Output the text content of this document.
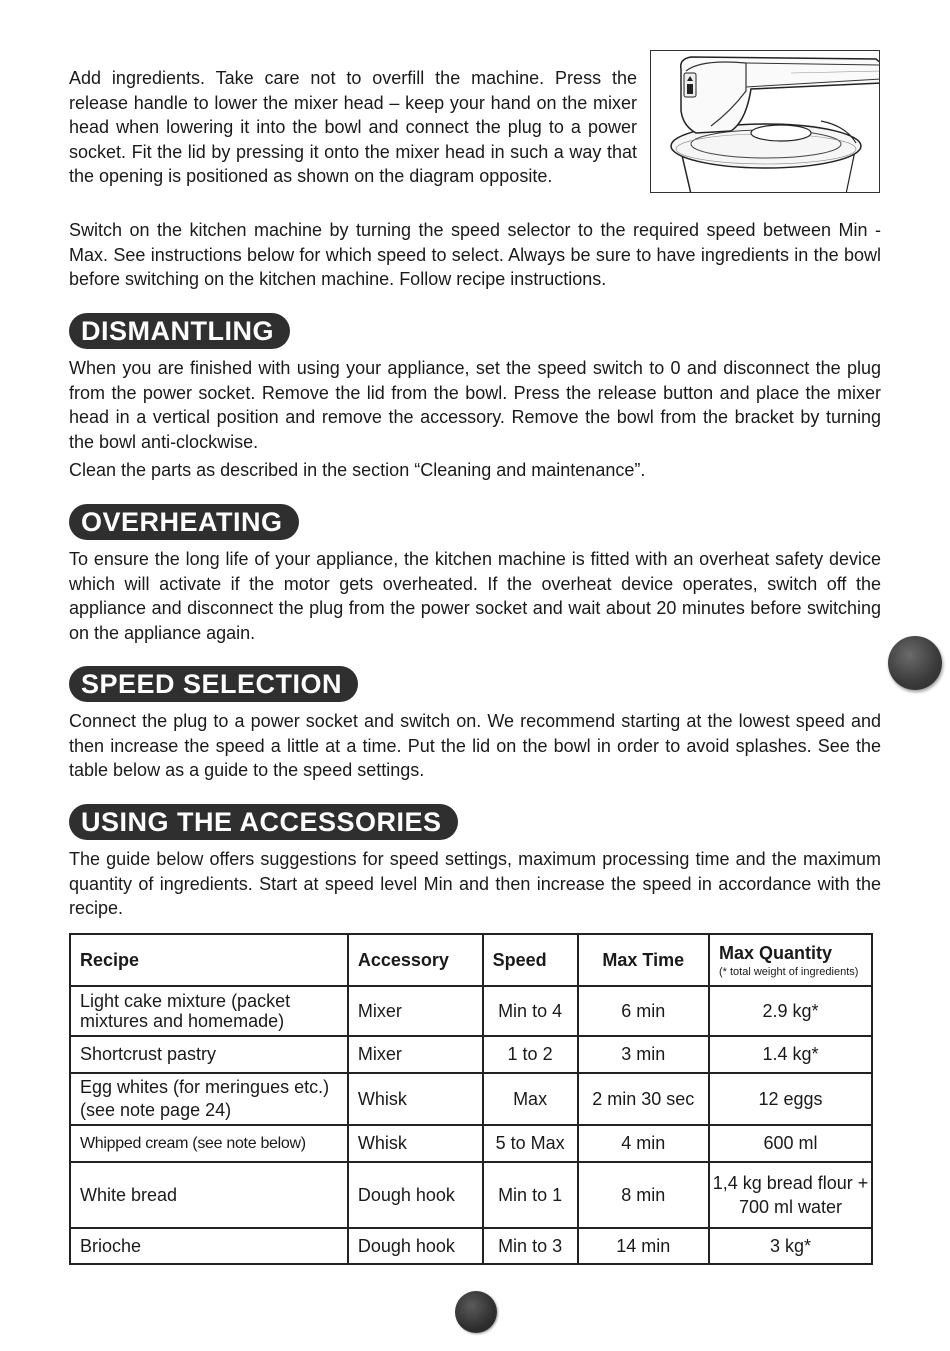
Add ingredients. Take care not to overfill the machine. Press the release handle to lower the mixer head – keep your hand on the mixer head when lowering it into the bowl and connect the plug to a power socket. Fit the lid by pressing it onto the mixer head in such a way that the opening is positioned as shown on the diagram opposite.

Switch on the kitchen machine by turning the speed selector to the required speed between Min - Max. See instructions below for which speed to select. Always be sure to have ingredients in the bowl before switching on the kitchen machine. Follow recipe instructions.

DISMANTLING

When you are finished with using your appliance, set the speed switch to 0 and disconnect the plug from the power socket. Remove the lid from the bowl. Press the release button and place the mixer head in a vertical position and remove the accessory. Remove the bowl from the bracket by turning the bowl anti-clockwise.

Clean the parts as described in the section “Cleaning and maintenance”.

OVERHEATING

To ensure the long life of your appliance, the kitchen machine is fitted with an overheat safety device which will activate if the motor gets overheated. If the overheat device operates, switch off the appliance and disconnect the plug from the power socket and wait about 20 minutes before switching on the appliance again.

SPEED SELECTION

Connect the plug to a power socket and switch on. We recommend starting at the lowest speed and then increase the speed a little at a time. Put the lid on the bowl in order to avoid splashes. See the table below as a guide to the speed settings.

USING THE ACCESSORIES

The guide below offers suggestions for speed settings, maximum processing time and the maximum quantity of ingredients. Start at speed level Min and then increase the speed in accordance with the recipe.

Recipe	Accessory	Speed	Max Time	Max Quantity
(* total weight of ingredients)

Light cake mixture (packet mixtures and homemade)	Mixer	Min to 4	6 min	2.9 kg*
Shortcrust pastry	Mixer	1 to 2	3 min	1.4 kg*
Egg whites (for meringues etc.) (see note page 24)	Whisk	Max	2 min 30 sec	12 eggs
Whipped cream (see note below)	Whisk	5 to Max	4 min	600 ml
White bread	Dough hook	Min to 1	8 min	1,4 kg bread flour + 700 ml water
Brioche	Dough hook	Min to 3	14 min	3 kg*
